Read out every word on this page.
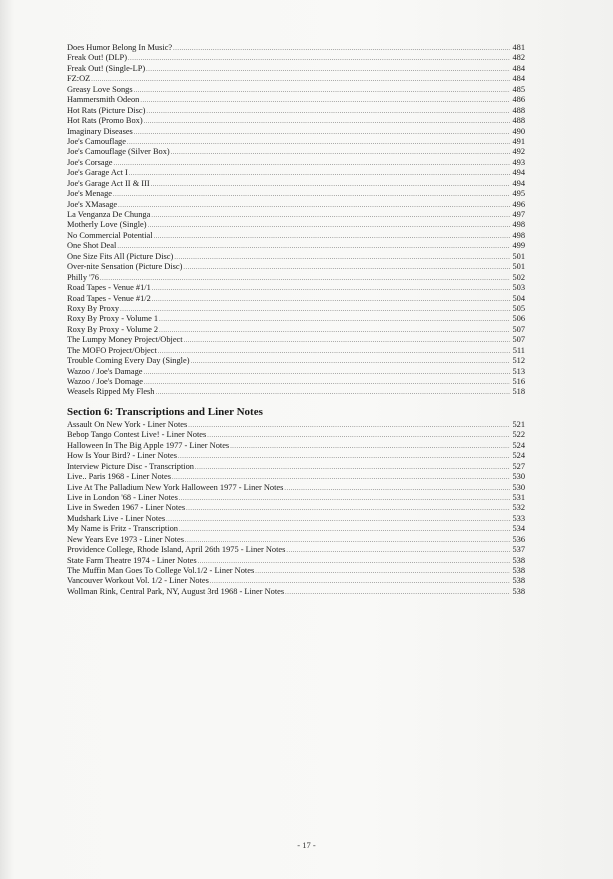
Does Humor Belong In Music? .....	481
Freak Out! (DLP) .....	482
Freak Out! (Single-LP) .....	484
FZ:OZ .....	484
Greasy Love Songs .....	485
Hammersmith Odeon .....	486
Hot Rats (Picture Disc) .....	488
Hot Rats (Promo Box) .....	488
Imaginary Diseases .....	490
Joe's Camouflage .....	491
Joe's Camouflage (Silver Box) .....	492
Joe's Corsage .....	493
Joe's Garage Act I .....	494
Joe's Garage Act II & III .....	494
Joe's Menage .....	495
Joe's XMasage .....	496
La Venganza De Chunga .....	497
Motherly Love (Single) .....	498
No Commercial Potential .....	498
One Shot Deal .....	499
One Size Fits All (Picture Disc) .....	501
Over-nite Sensation (Picture Disc) .....	501
Philly '76 .....	502
Road Tapes - Venue #1/1 .....	503
Road Tapes - Venue #1/2 .....	504
Roxy By Proxy .....	505
Roxy By Proxy - Volume 1 .....	506
Roxy By Proxy - Volume 2 .....	507
The Lumpy Money Project/Object .....	507
The MOFO Project/Object .....	511
Trouble Coming Every Day (Single) .....	512
Wazoo / Joe's Damage .....	513
Wazoo / Joe's Domage .....	516
Weasels Ripped My Flesh .....	518
Section 6: Transcriptions and Liner Notes
Assault On New York - Liner Notes .....	521
Bebop Tango Contest Live! - Liner Notes .....	522
Halloween In The Big Apple 1977 - Liner Notes .....	524
How Is Your Bird? - Liner Notes .....	524
Interview Picture Disc - Transcription .....	527
Live.. Paris 1968 - Liner Notes .....	530
Live At The Palladium New York Halloween 1977 - Liner Notes .....	530
Live in London '68 - Liner Notes .....	531
Live in Sweden 1967 - Liner Notes .....	532
Mudshark Live - Liner Notes .....	533
My Name is Fritz - Transcription .....	534
New Years Eve 1973 - Liner Notes .....	536
Providence College, Rhode Island, April 26th 1975 - Liner Notes .....	537
State Farm Theatre 1974 - Liner Notes .....	538
The Muffin Man Goes To College Vol.1/2 - Liner Notes .....	538
Vancouver Workout Vol. 1/2 - Liner Notes .....	538
Wollman Rink, Central Park, NY, August 3rd 1968 - Liner Notes .....	538
- 17 -
